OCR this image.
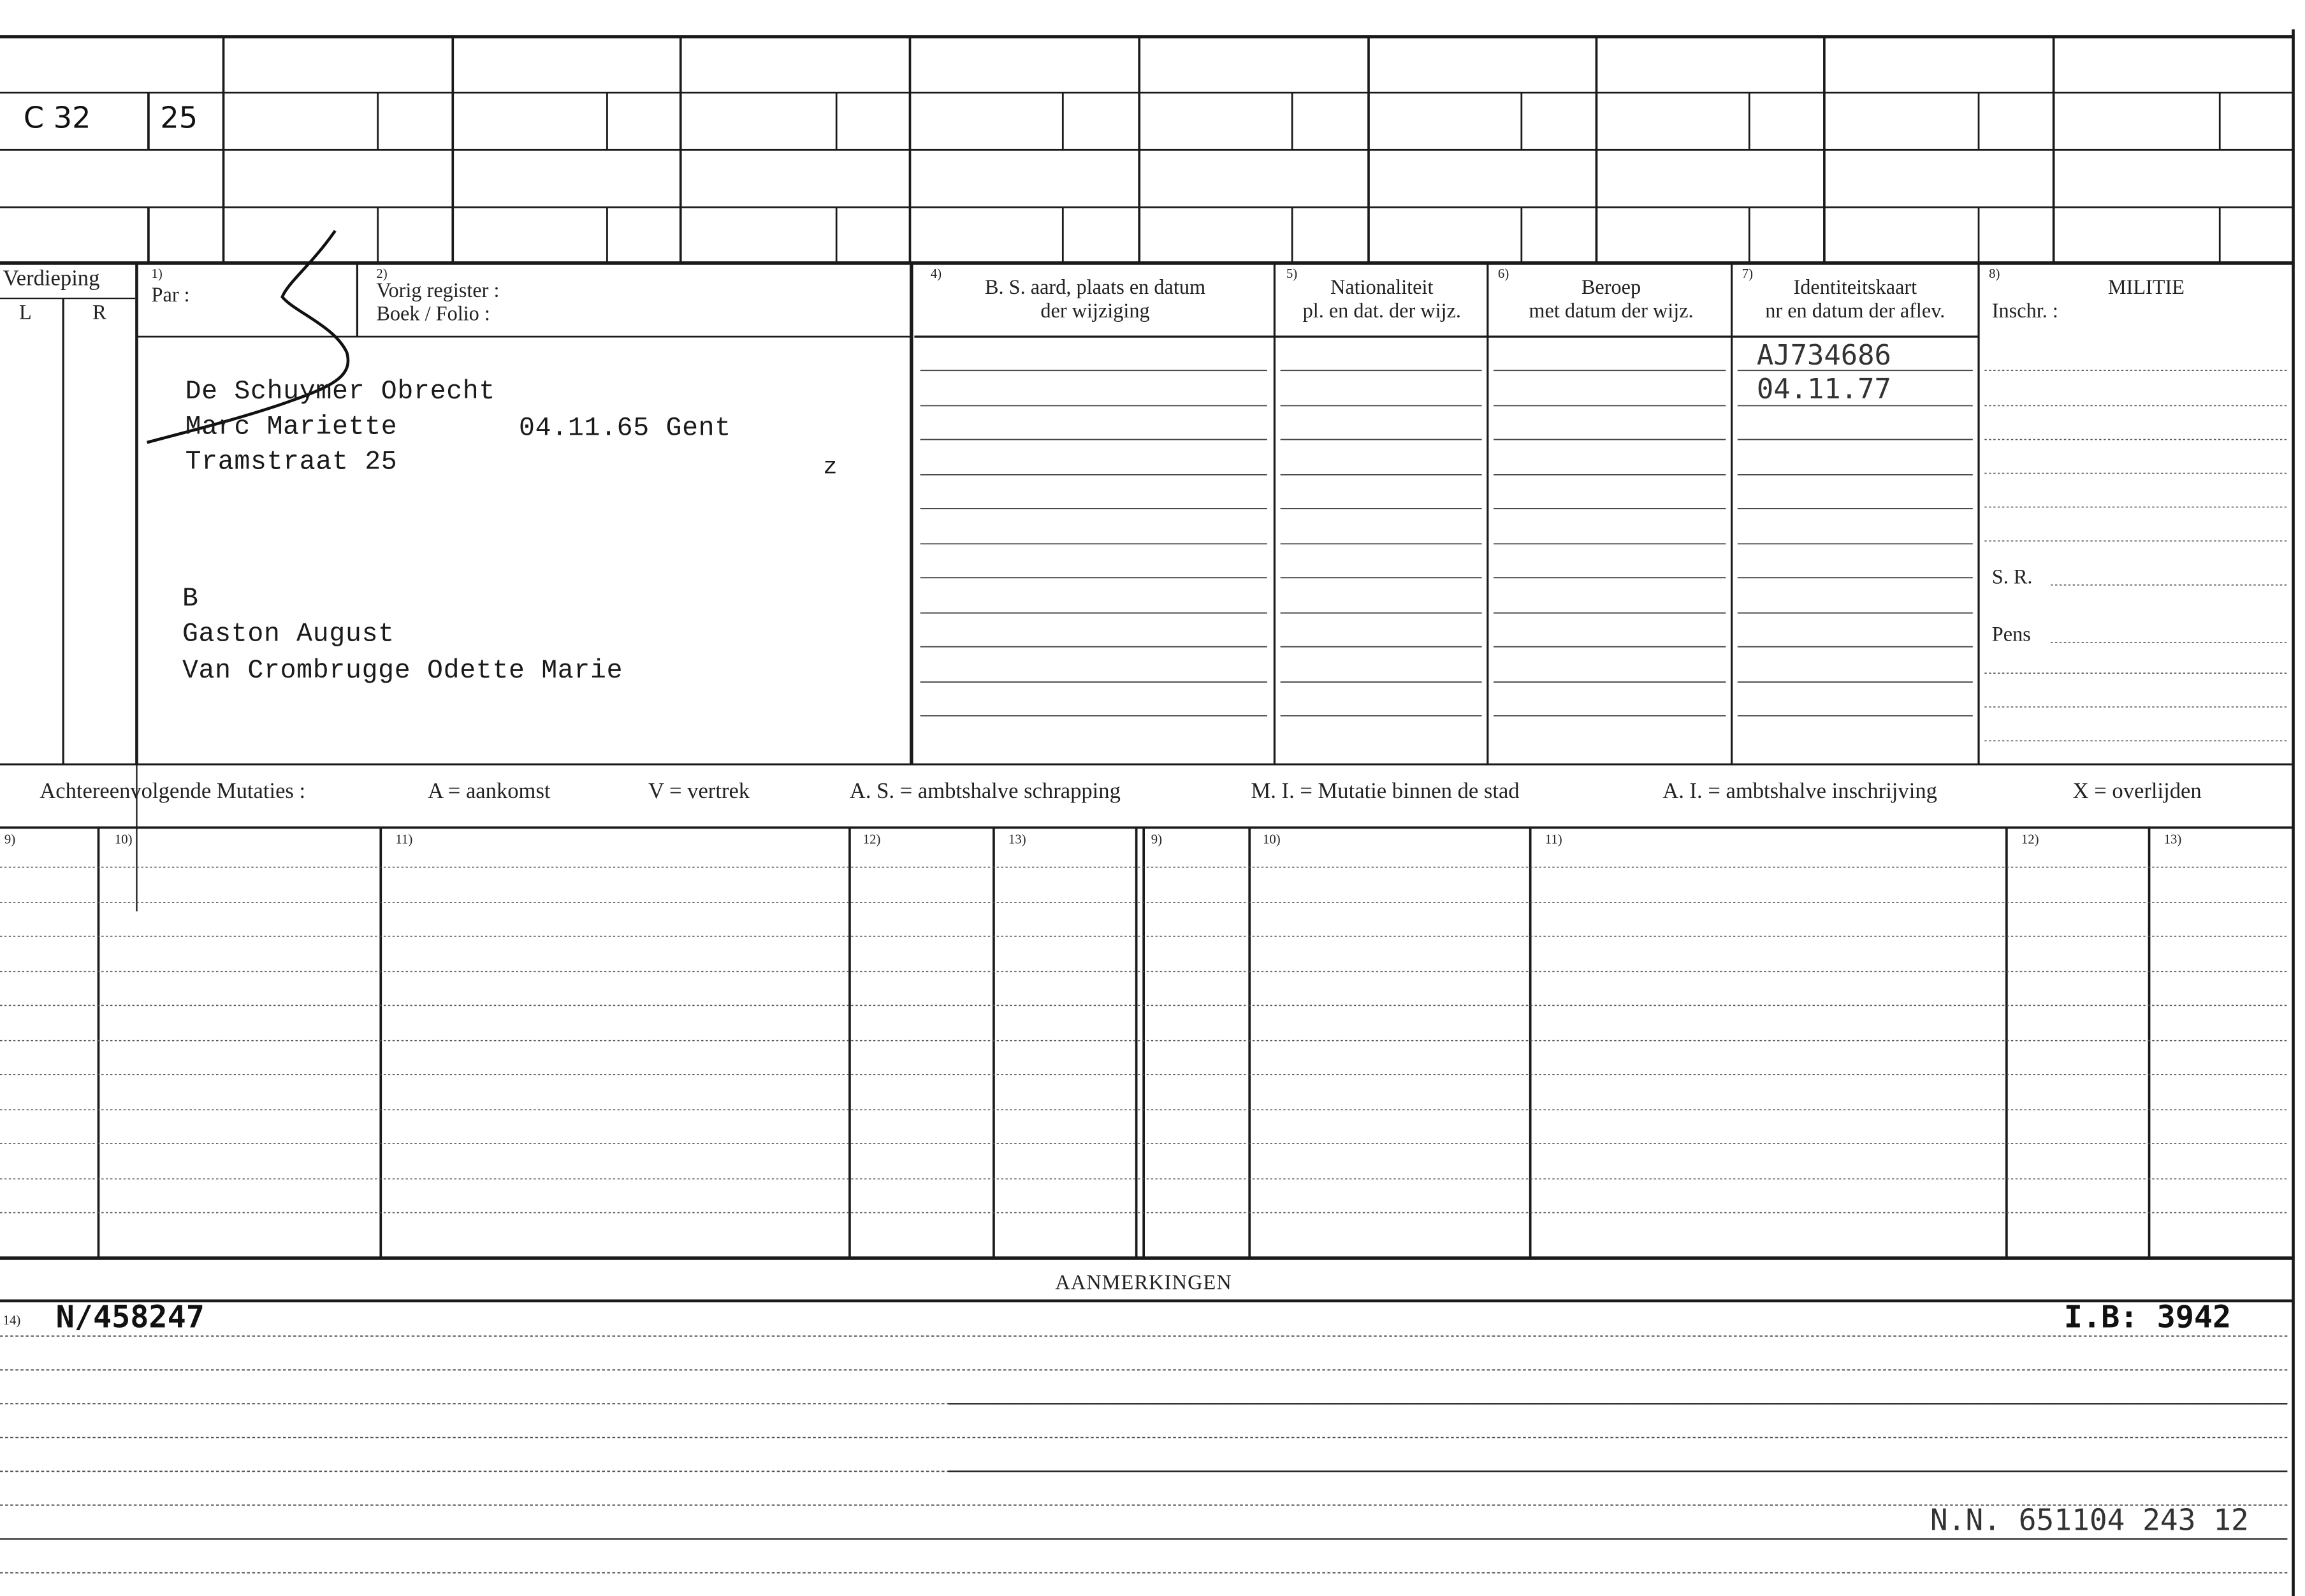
C 32	25
Verdieping
L	R
1)
Par :
2)
Vorig register :
Boek / Folio :
4)
B. S. aard, plaats en datum
der wijziging
5)
Nationaliteit
pl. en dat. der wijz.
6)
Beroep
met datum der wijz.
7)
Identiteitskaart
nr en datum der aflev.
8)
MILITIE
Inschr. :
S. R.
Pens
De Schuymer Obrecht
Marc Mariette	04.11.65 Gent
Tramstraat 25	z
B
Gaston August
Van Crombrugge Odette Marie
AJ734686
04.11.77
Achtereenvolgende Mutaties :	A = aankomst	V = vertrek	A. S. = ambtshalve schrapping	M. I. = Mutatie binnen de stad	A. I. = ambtshalve inschrijving	X = overlijden
9)	10)	11)	12)	13)	9)	10)	11)	12)	13)
AANMERKINGEN
14)	N/458247	I.B: 3942
N.N. 651104 243 12
